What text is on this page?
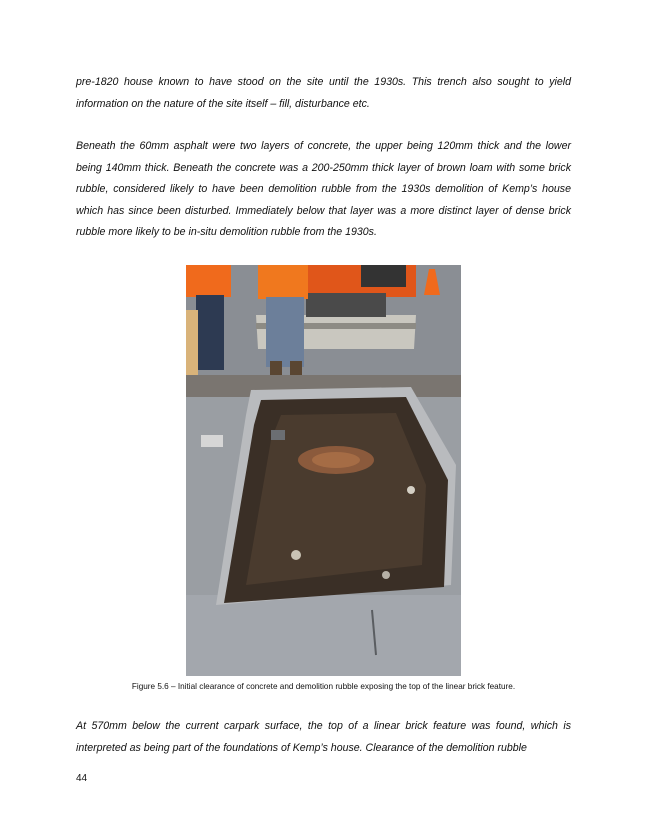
pre-1820 house known to have stood on the site until the 1930s. This trench also sought to yield information on the nature of the site itself – fill, disturbance etc.

Beneath the 60mm asphalt were two layers of concrete, the upper being 120mm thick and the lower being 140mm thick. Beneath the concrete was a 200-250mm thick layer of brown loam with some brick rubble, considered likely to have been demolition rubble from the 1930s demolition of Kemp’s house which has since been disturbed. Immediately below that layer was a more distinct layer of dense brick rubble more likely to be in-situ demolition rubble from the 1930s.

Figure 5.6 – Initial clearance of concrete and demolition rubble exposing the top of the linear brick feature.

At 570mm below the current carpark surface, the top of a linear brick feature was found, which is interpreted as being part of the foundations of Kemp’s house. Clearance of the demolition rubble

44
